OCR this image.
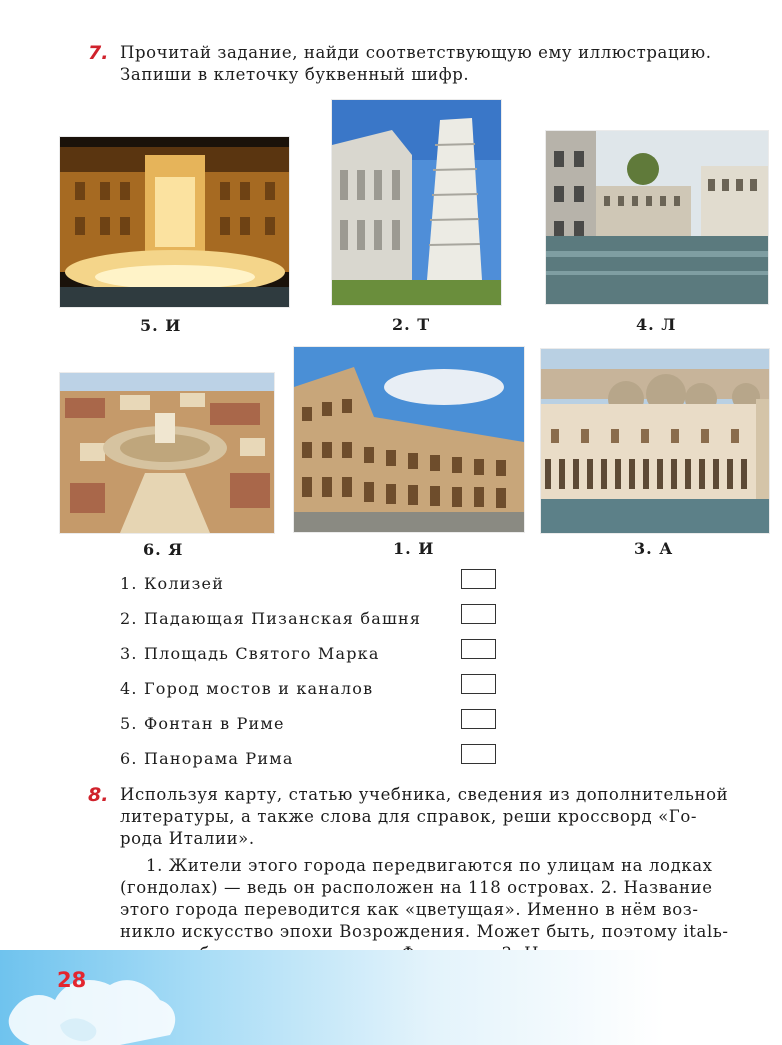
7. Прочитай задание, найди соответствующую ему иллюстрацию.
Запиши в клеточку буквенный шифр.
5. И	2. Т	4. Л
6. Я	1. И	3. А
1. Колизей
2. Падающая Пизанская башня
3. Площадь Святого Марка
4. Город мостов и каналов
5. Фонтан в Риме
6. Панорама Рима
8. Используя карту, статью учебника, сведения из дополнительной
литературы, а также слова для справок, реши кроссворд «Го-
рода Италии».
1. Жители этого города передвигаются по улицам на лодках
(гондолах) — ведь он расположен на 118 островах. 2. Название
этого города переводится как «цветущая». Именно в нём воз-
никло искусство эпохи Возрождения. Может быть, поэтому italь-
28
